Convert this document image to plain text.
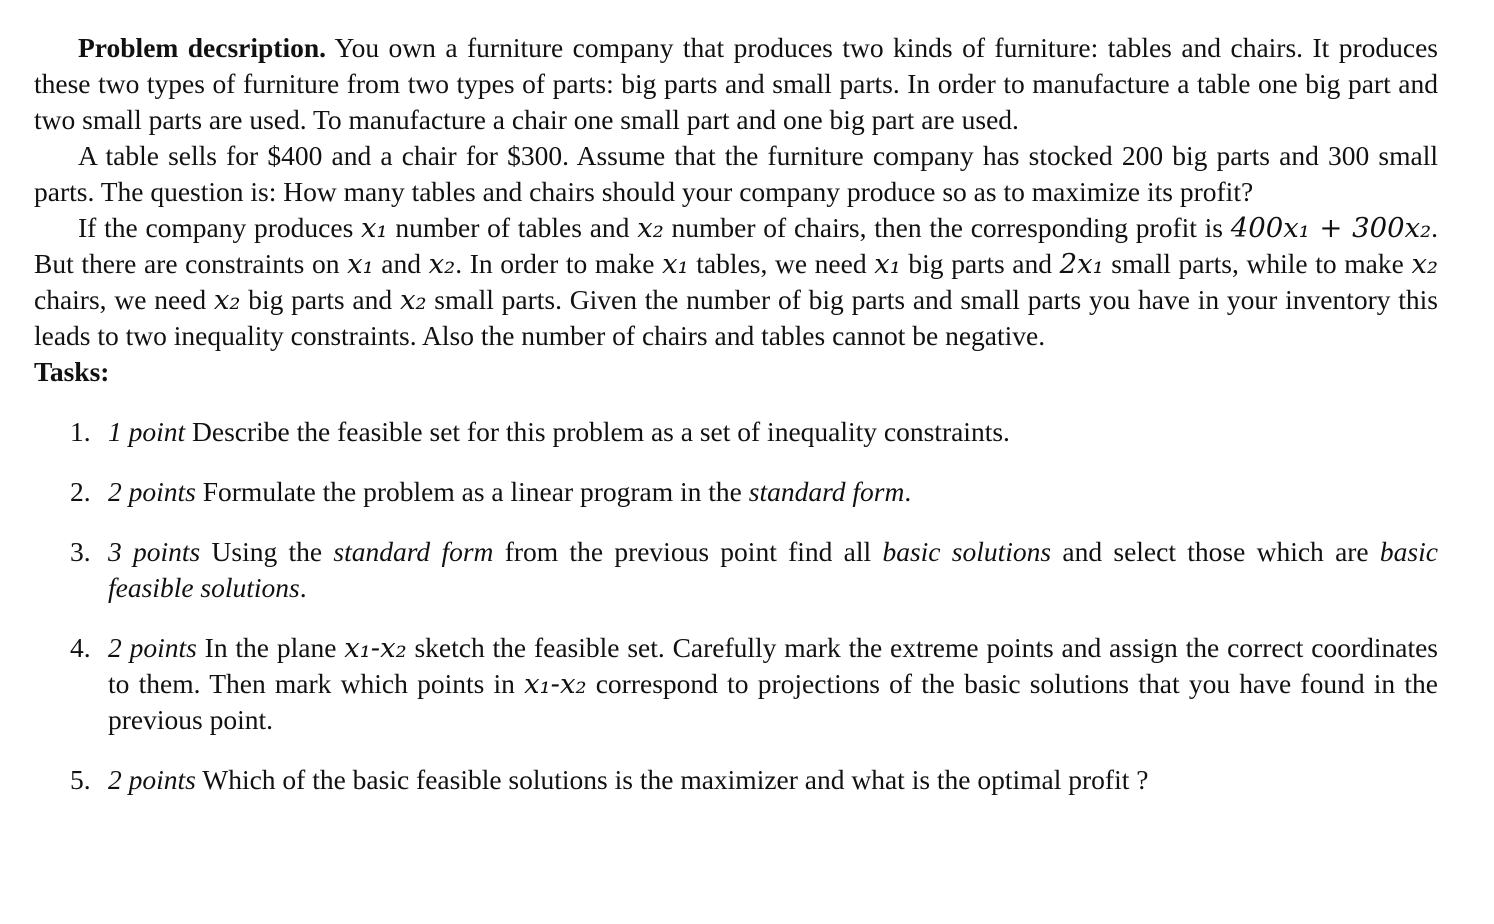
Problem decsription. You own a furniture company that produces two kinds of furniture: tables and chairs. It produces these two types of furniture from two types of parts: big parts and small parts. In order to manufacture a table one big part and two small parts are used. To manufacture a chair one small part and one big part are used.

A table sells for $400 and a chair for $300. Assume that the furniture company has stocked 200 big parts and 300 small parts. The question is: How many tables and chairs should your company produce so as to maximize its profit?

If the company produces x₁ number of tables and x₂ number of chairs, then the corresponding profit is 400x₁ + 300x₂. But there are constraints on x₁ and x₂. In order to make x₁ tables, we need x₁ big parts and 2x₁ small parts, while to make x₂ chairs, we need x₂ big parts and x₂ small parts. Given the number of big parts and small parts you have in your inventory this leads to two inequality constraints. Also the number of chairs and tables cannot be negative.

Tasks:

1. 1 point Describe the feasible set for this problem as a set of inequality constraints.
2. 2 points Formulate the problem as a linear program in the standard form.
3. 3 points Using the standard form from the previous point find all basic solutions and select those which are basic feasible solutions.
4. 2 points In the plane x₁-x₂ sketch the feasible set. Carefully mark the extreme points and assign the correct coordinates to them. Then mark which points in x₁-x₂ correspond to projections of the basic solutions that you have found in the previous point.
5. 2 points Which of the basic feasible solutions is the maximizer and what is the optimal profit ?
